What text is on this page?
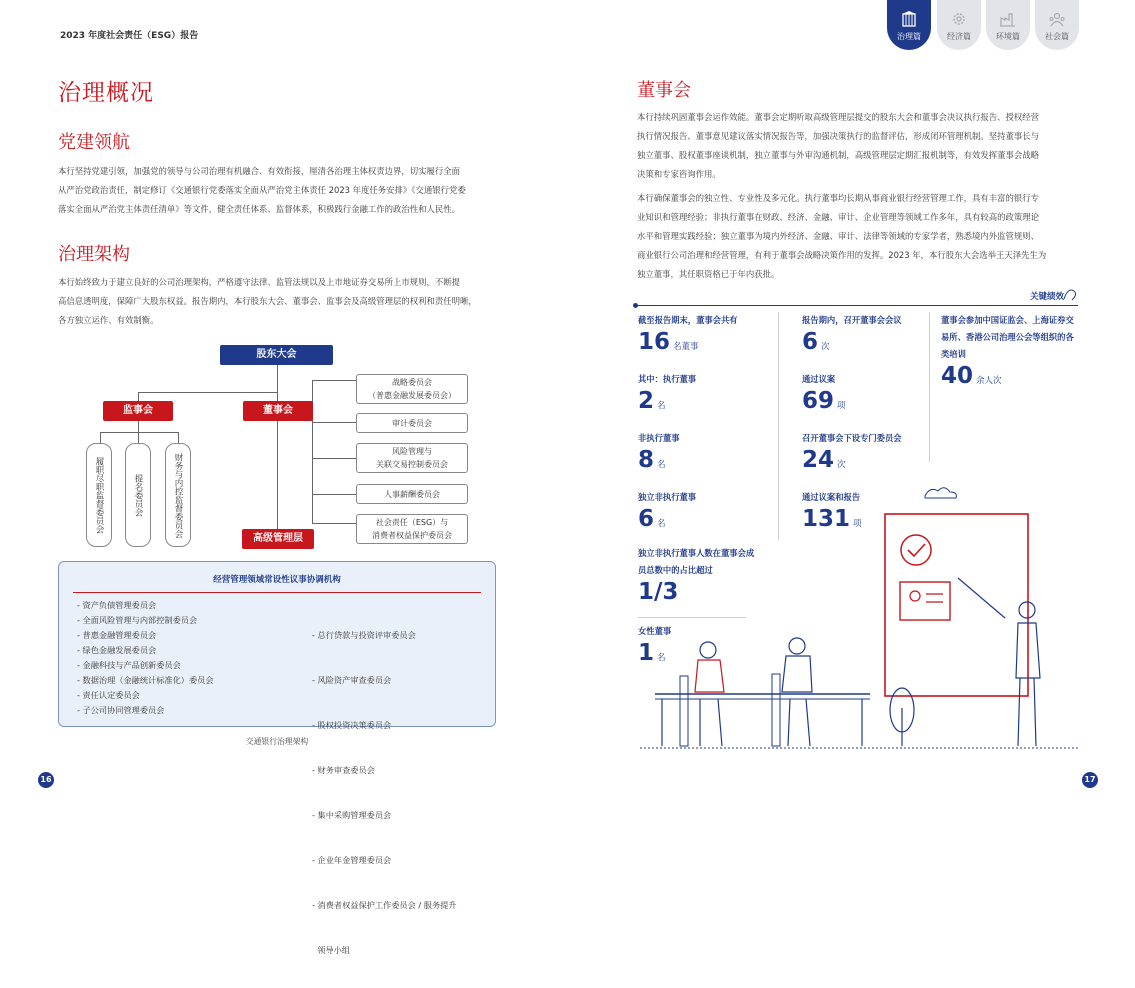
2023 年度社会责任（ESG）报告
治理概况
党建领航
本行坚持党建引领，加强党的领导与公司治理有机融合、有效衔接，厘清各治理主体权责边界，切实履行全面
从严治党政治责任，制定修订《交通银行党委落实全面从严治党主体责任 2023 年度任务安排》《交通银行党委
落实全面从严治党主体责任清单》等文件，健全责任体系、监督体系，积极践行金融工作的政治性和人民性。
治理架构
本行始终致力于建立良好的公司治理架构，严格遵守法律、监管法规以及上市地证券交易所上市规则，不断提
高信息透明度，保障广大股东权益。报告期内，本行股东大会、董事会、监事会及高级管理层的权利和责任明晰，
各方独立运作、有效制衡。
股东大会
监事会	董事会
高级管理层
履职尽职监督委员会	提名委员会	财务与内控监督委员会
战略委员会
（普惠金融发展委员会）
审计委员会
风险管理与
关联交易控制委员会
人事薪酬委员会
社会责任（ESG）与
消费者权益保护委员会
经营管理领域常设性议事协调机构
- 资产负债管理委员会
- 全面风险管理与内部控制委员会
- 普惠金融管理委员会
- 绿色金融发展委员会
- 金融科技与产品创新委员会
- 数据治理（金融统计标准化）委员会
- 责任认定委员会
- 子公司协同管理委员会

- 总行贷款与投资评审委员会

- 风险资产审查委员会

- 股权投资决策委员会

- 财务审查委员会

- 集中采购管理委员会

- 企业年金管理委员会

- 消费者权益保护工作委员会 / 服务提升

领导小组

交通银行治理架构
16
治理篇	经济篇	环境篇	社会篇
董事会
本行持续巩固董事会运作效能。董事会定期听取高级管理层提交的股东大会和董事会决议执行报告、授权经营
执行情况报告、董事意见建议落实情况报告等，加强决策执行的监督评估，形成闭环管理机制。坚持董事长与
独立董事、股权董事座谈机制，独立董事与外审沟通机制，高级管理层定期汇报机制等，有效发挥董事会战略
决策和专家咨询作用。
本行确保董事会的独立性、专业性及多元化。执行董事均长期从事商业银行经营管理工作，具有丰富的银行专
业知识和管理经验；非执行董事在财政、经济、金融、审计、企业管理等领域工作多年，具有较高的政策理论
水平和管理实践经验；独立董事为境内外经济、金融、审计、法律等领域的专家学者，熟悉境内外监管规则、
商业银行公司治理和经营管理，有利于董事会战略决策作用的发挥。2023 年，本行股东大会选举王天泽先生为
独立董事，其任职资格已于年内获批。
关键绩效
截至报告期末，董事会共有
16 名董事
其中：执行董事
2 名
非执行董事
8 名
独立非执行董事
6 名
独立非执行董事人数在董事会成员总数中的占比超过
1/3
女性董事
1 名
报告期内，召开董事会会议
6 次
通过议案
69 项
召开董事会下设专门委员会
24 次
通过议案和报告
131 项
董事会参加中国证监会、上海证券交易所、香港公司治理公会等组织的各类培训
40 余人次
17
